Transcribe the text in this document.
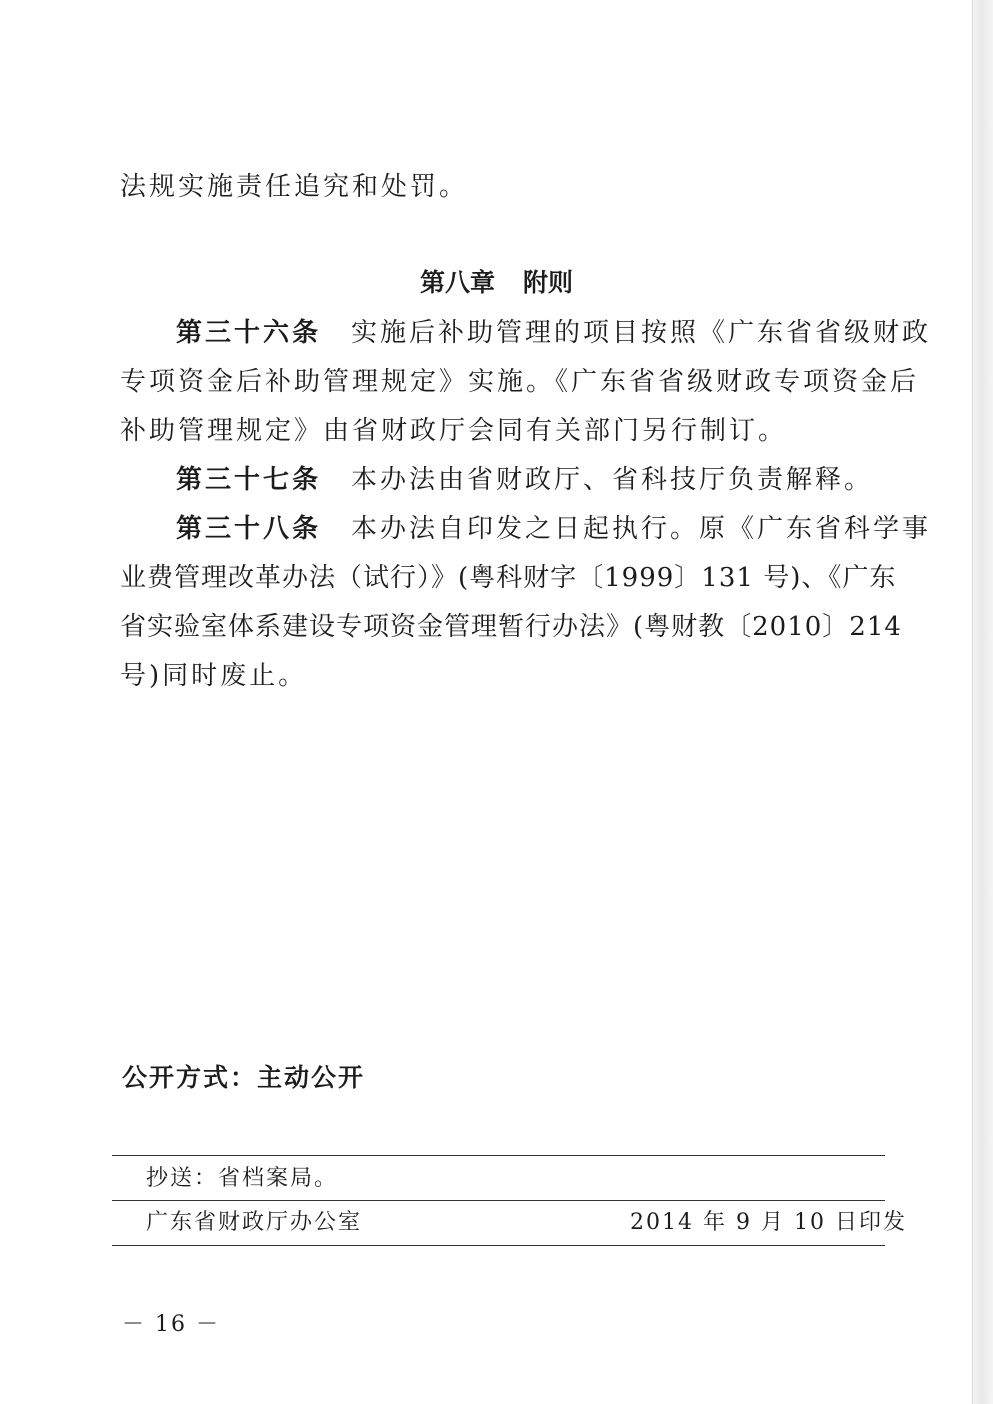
法规实施责任追究和处罚。
第八章 附则
第三十六条 实施后补助管理的项目按照《广东省省级财政
专项资金后补助管理规定》实施。《广东省省级财政专项资金后
补助管理规定》由省财政厅会同有关部门另行制订。
第三十七条 本办法由省财政厅、省科技厅负责解释。
第三十八条 本办法自印发之日起执行。原《广东省科学事
业费管理改革办法（试行）》(粤科财字〔1999〕131 号)、《广东
省实验室体系建设专项资金管理暂行办法》(粤财教〔2010〕214
号)同时废止。
公开方式：主动公开
抄送：省档案局。
广东省财政厅办公室	2014 年 9 月 10 日印发
－ 16 －
